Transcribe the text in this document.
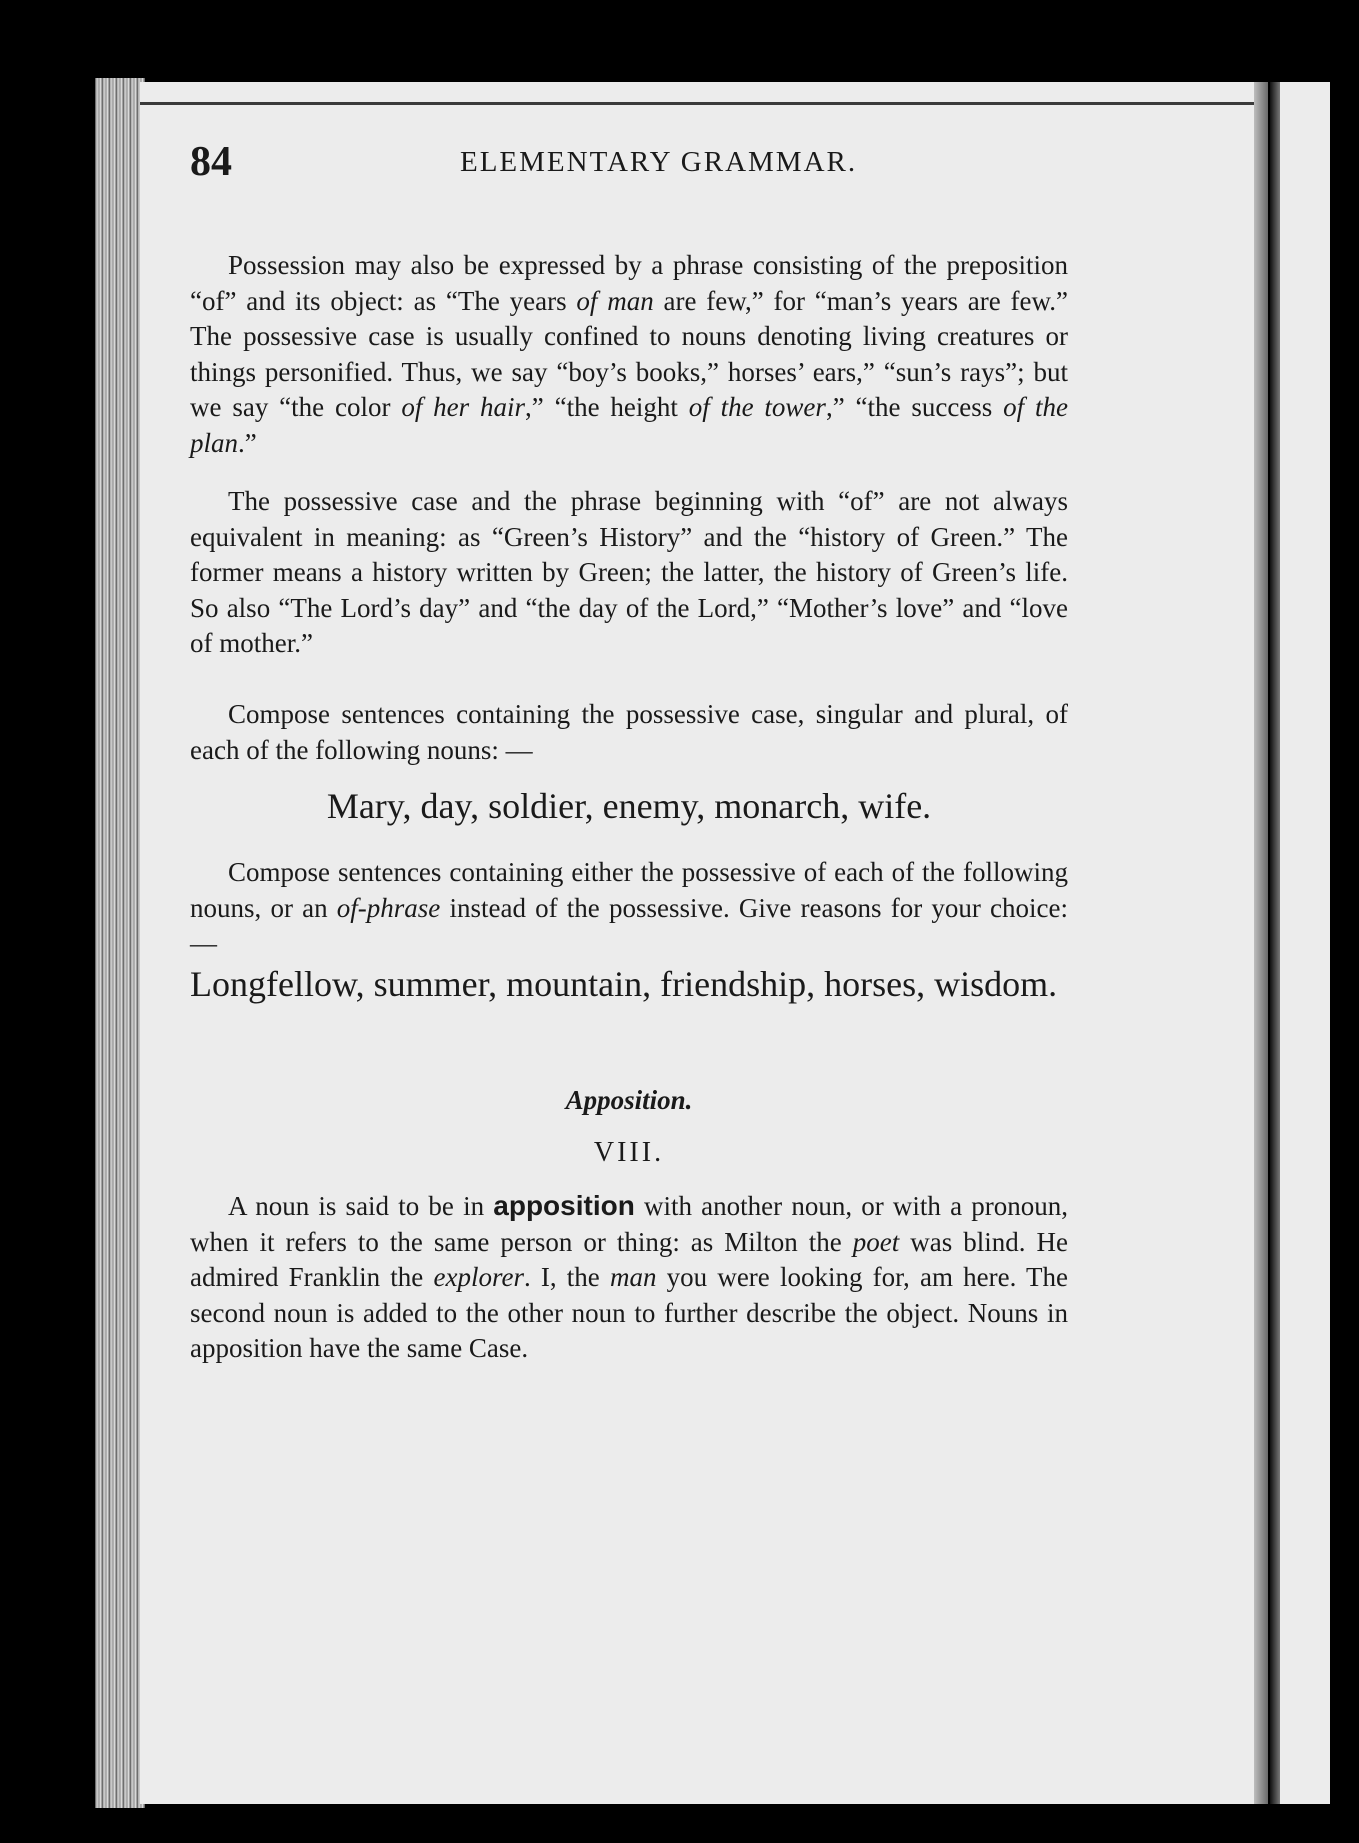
84	ELEMENTARY GRAMMAR.

Possession may also be expressed by a phrase consisting of the preposition “of” and its object: as “The years of man are few,” for “man’s years are few.” The possessive case is usually confined to nouns denoting living creatures or things personified. Thus, we say “boy’s books,” horses’ ears,” “sun’s rays”; but we say “the color of her hair,” “the height of the tower,” “the success of the plan.”

The possessive case and the phrase beginning with “of” are not always equivalent in meaning: as “Green’s History” and the “history of Green.” The former means a history written by Green; the latter, the history of Green’s life. So also “The Lord’s day” and “the day of the Lord,” “Mother’s love” and “love of mother.”

Compose sentences containing the possessive case, singular and plural, of each of the following nouns: —

Mary, day, soldier, enemy, monarch, wife.

Compose sentences containing either the possessive of each of the following nouns, or an of-phrase instead of the possessive. Give reasons for your choice: —

Longfellow, summer, mountain, friendship, horses, wisdom.

Apposition.

VIII.

A noun is said to be in apposition with another noun, or with a pronoun, when it refers to the same person or thing: as Milton the poet was blind. He admired Franklin the explorer. I, the man you were looking for, am here. The second noun is added to the other noun to further describe the object. Nouns in apposition have the same Case.
